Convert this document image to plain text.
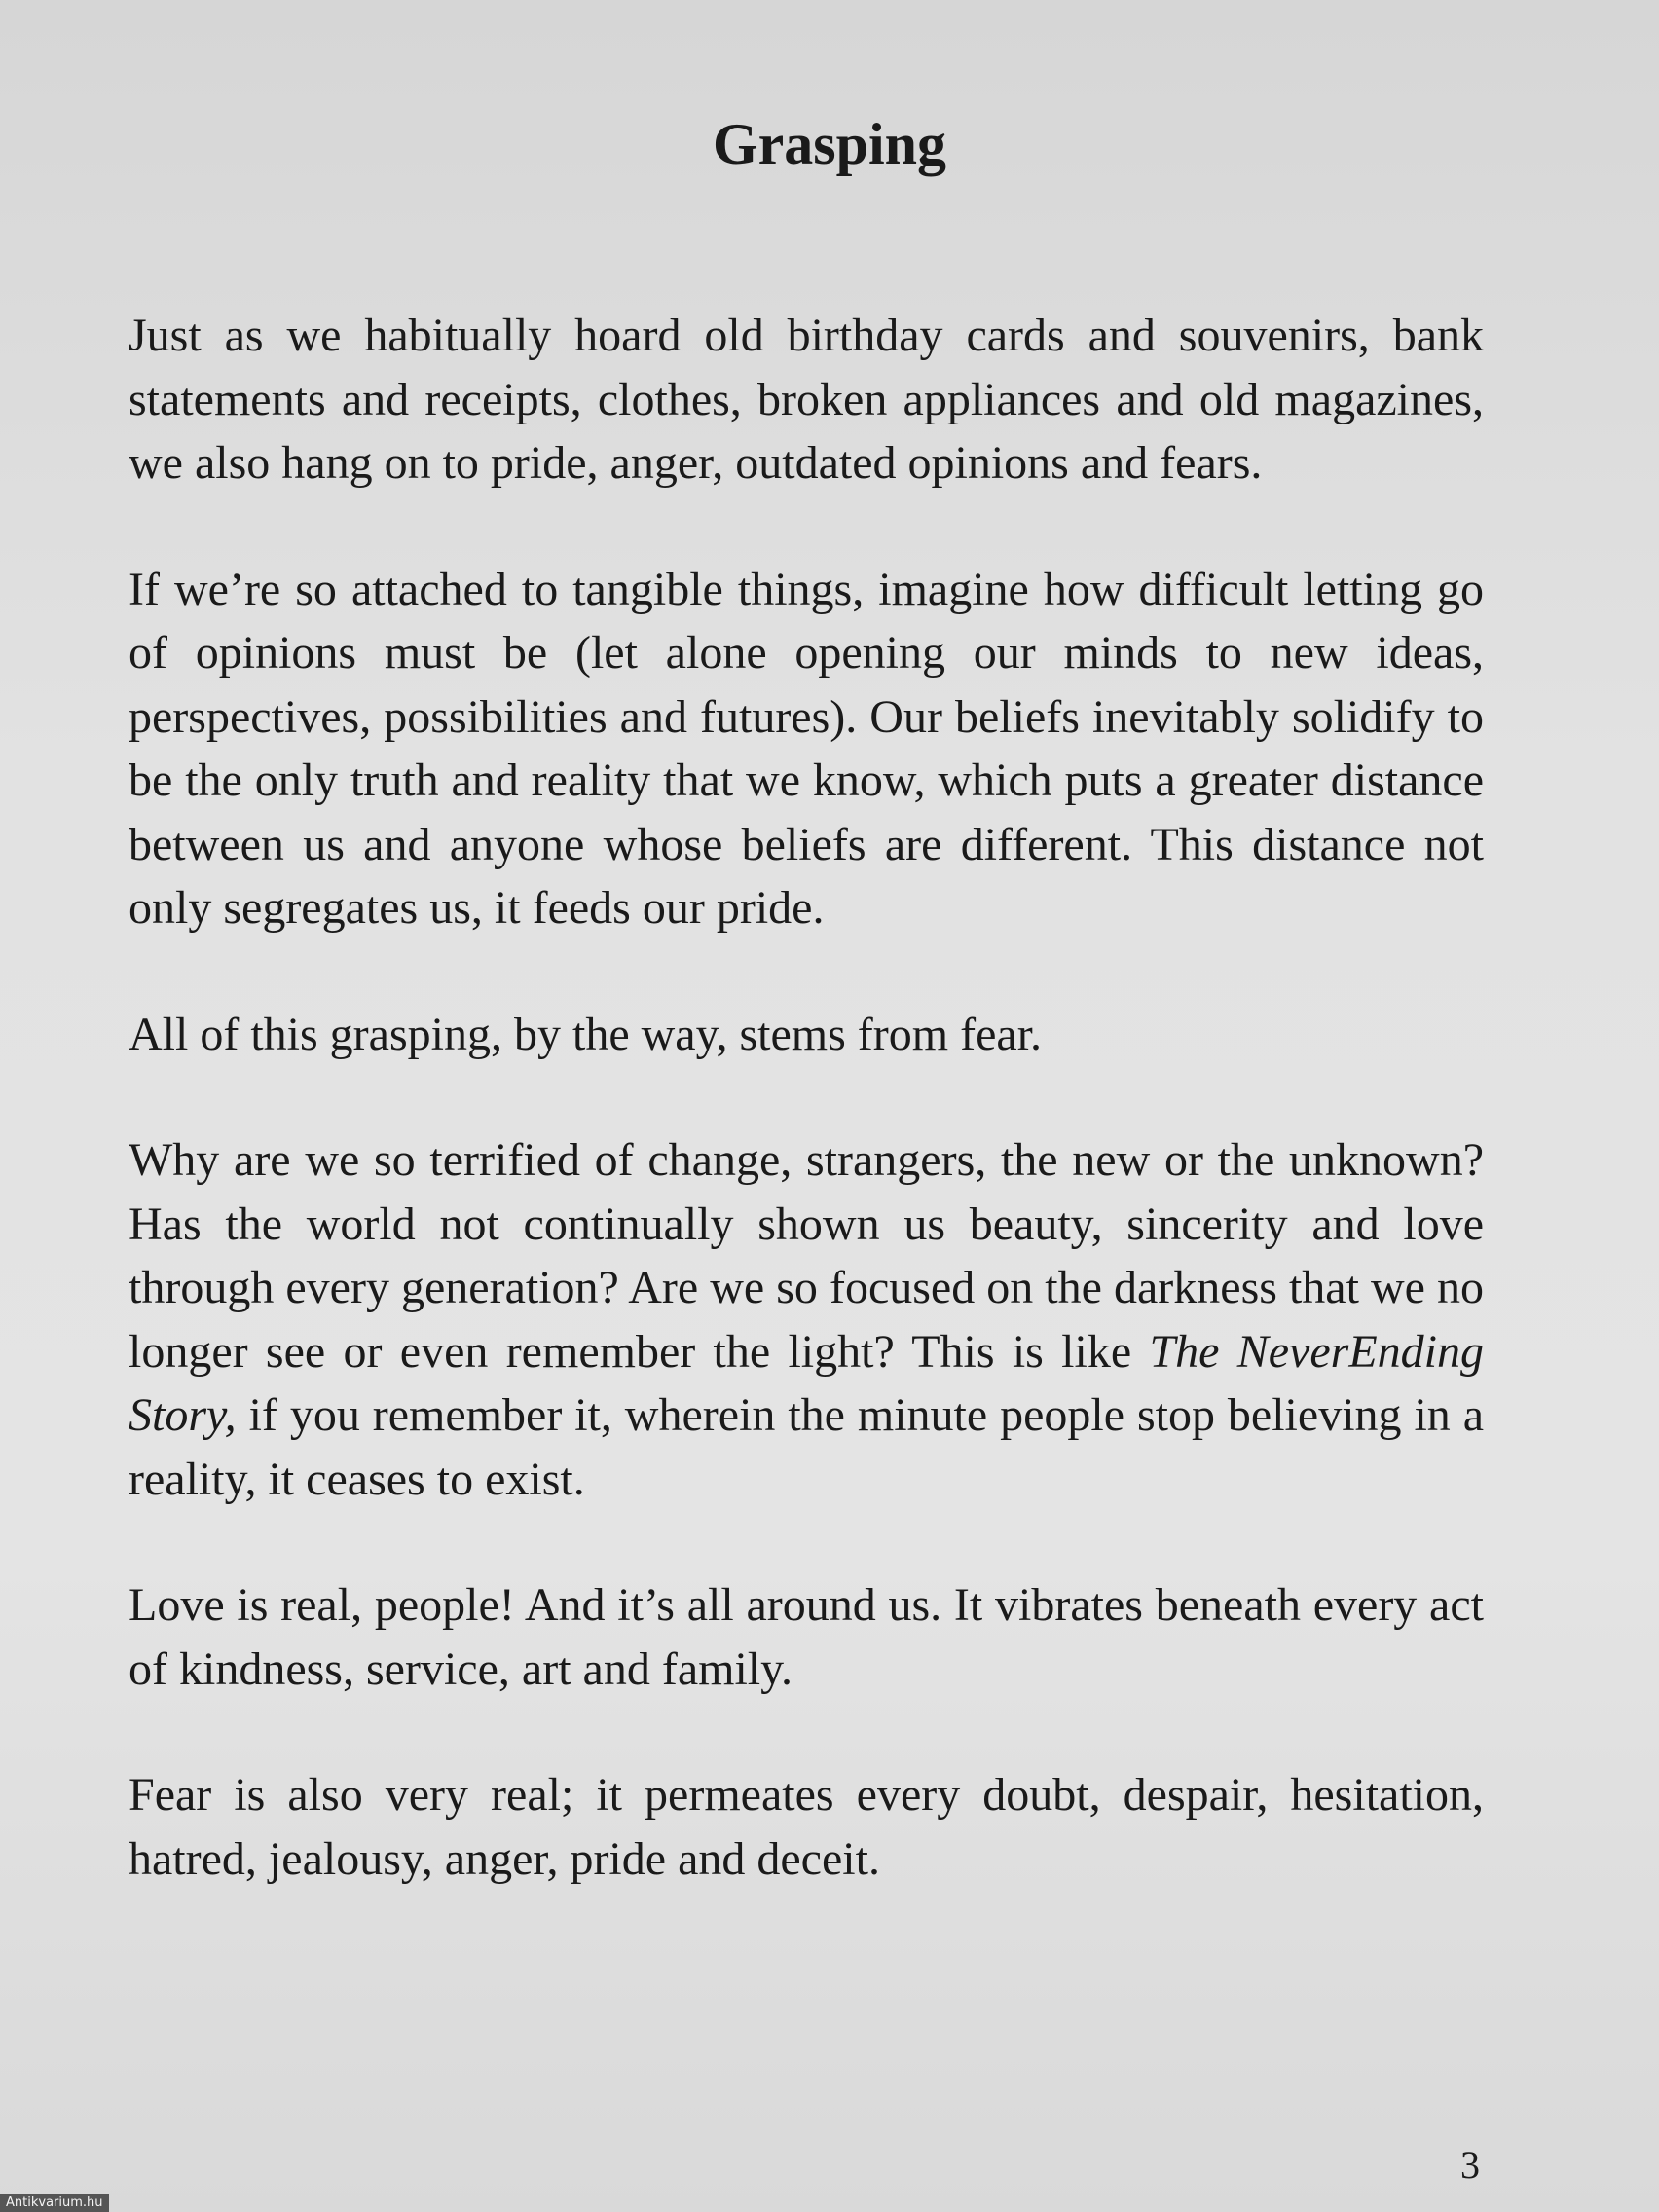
Grasping

Just as we habitually hoard old birthday cards and souvenirs, bank statements and receipts, clothes, broken appliances and old magazines, we also hang on to pride, anger, outdated opinions and fears.

If we’re so attached to tangible things, imagine how difficult letting go of opinions must be (let alone opening our minds to new ideas, perspectives, possibilities and futures). Our beliefs inevitably solidify to be the only truth and reality that we know, which puts a greater distance between us and anyone whose beliefs are different. This distance not only segregates us, it feeds our pride.

All of this grasping, by the way, stems from fear.

Why are we so terrified of change, strangers, the new or the unknown? Has the world not continually shown us beauty, sincerity and love through every generation? Are we so focused on the darkness that we no longer see or even remember the light? This is like The NeverEnding Story, if you remember it, wherein the minute people stop believing in a reality, it ceases to exist.

Love is real, people! And it’s all around us. It vibrates beneath every act of kindness, service, art and family.

Fear is also very real; it permeates every doubt, despair, hesitation, hatred, jealousy, anger, pride and deceit.

3
Antikvarium.hu
